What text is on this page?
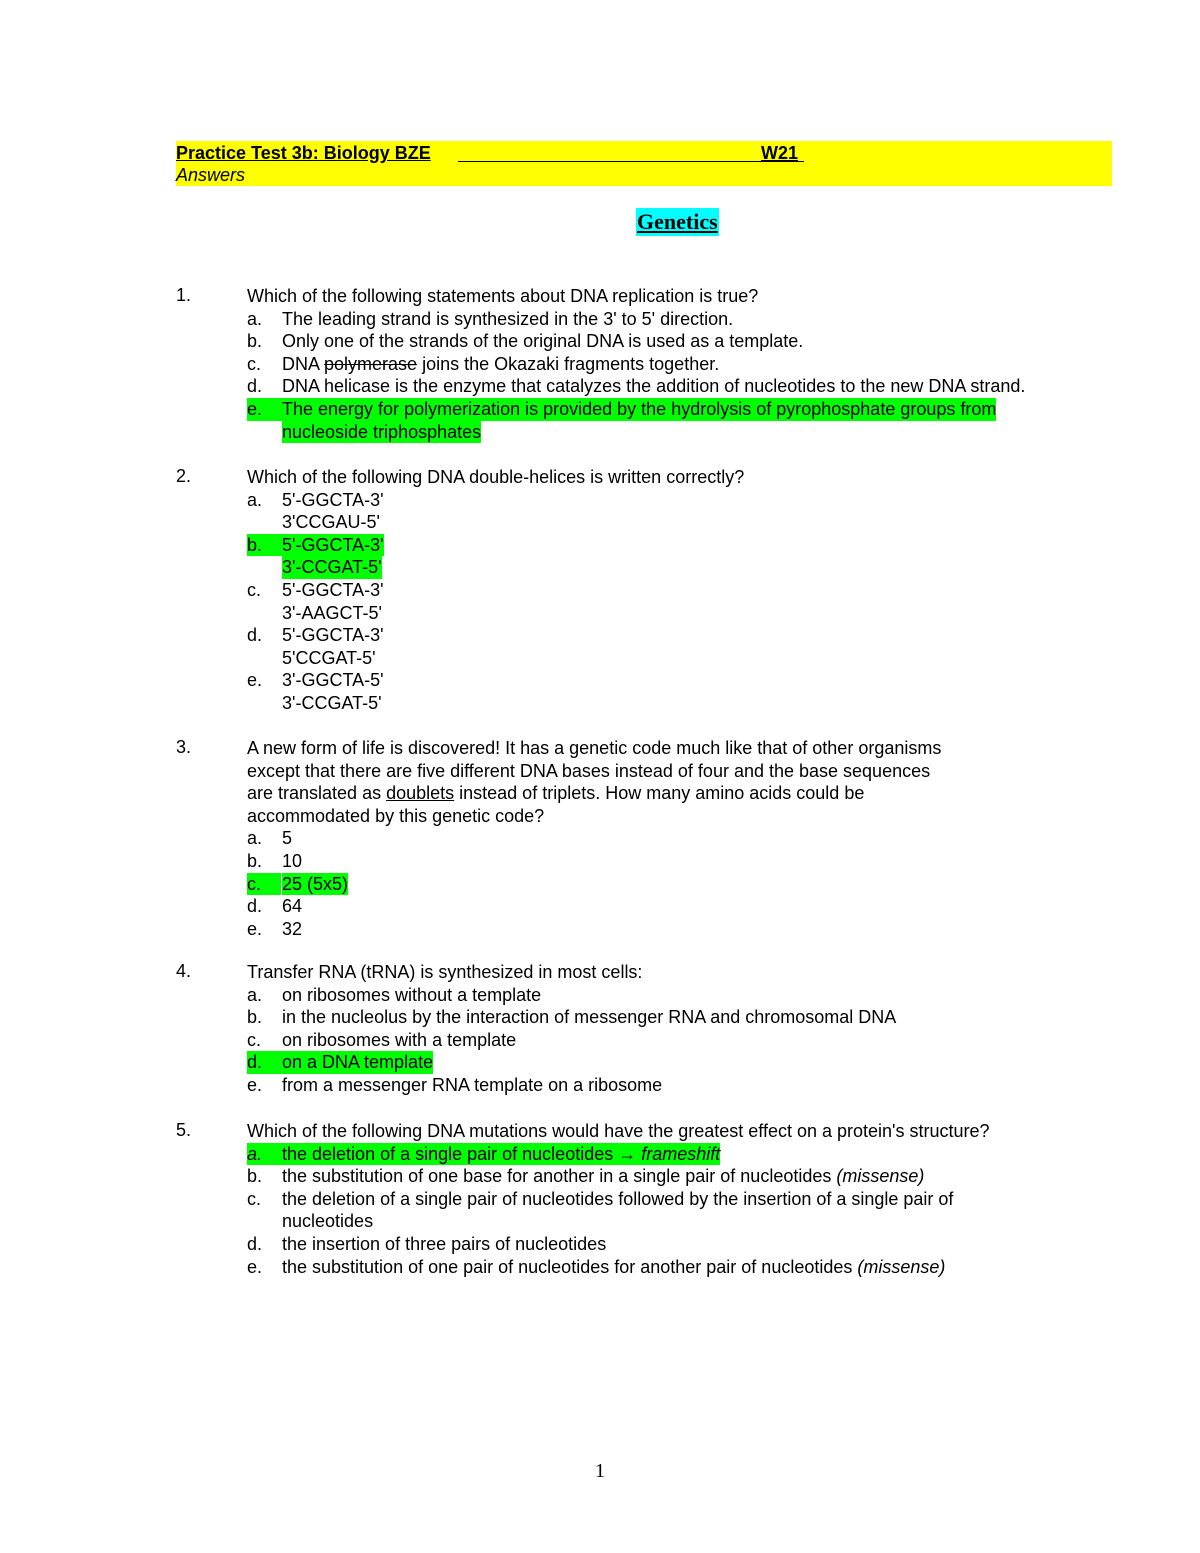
Practice Test 3b: Biology BZE	W21
Answers
Genetics
1.	Which of the following statements about DNA replication is true?
a. The leading strand is synthesized in the 3' to 5' direction.
b. Only one of the strands of the original DNA is used as a template.
c. DNA polymerase joins the Okazaki fragments together.
d. DNA helicase is the enzyme that catalyzes the addition of nucleotides to the new DNA strand.
e.	The energy for polymerization is provided by the hydrolysis of pyrophosphate groups from
nucleoside triphosphates
2.	Which of the following DNA double-helices is written correctly?
a. 5'-GGCTA-3'
3'CCGAU-5'
b.	5'-GGCTA-3'
3'-CCGAT-5'
c. 5'-GGCTA-3'
3'-AAGCT-5'
d. 5'-GGCTA-3'
5'CCGAT-5'
e. 3'-GGCTA-5'
3'-CCGAT-5'
3.	A new form of life is discovered! It has a genetic code much like that of other organisms
except that there are five different DNA bases instead of four and the base sequences
are translated as doublets instead of triplets. How many amino acids could be
accommodated by this genetic code?
a. 5
b. 10
c.	25 (5x5)
d. 64
e. 32
4.	Transfer RNA (tRNA) is synthesized in most cells:
a. on ribosomes without a template
b. in the nucleolus by the interaction of messenger RNA and chromosomal DNA
c. on ribosomes with a template
d.	on a DNA template
e. from a messenger RNA template on a ribosome
5.	Which of the following DNA mutations would have the greatest effect on a protein's structure?
a.	the deletion of a single pair of nucleotides → frameshift
b. the substitution of one base for another in a single pair of nucleotides (missense)
c. the deletion of a single pair of nucleotides followed by the insertion of a single pair of
nucleotides
d. the insertion of three pairs of nucleotides
e. the substitution of one pair of nucleotides for another pair of nucleotides (missense)
1
